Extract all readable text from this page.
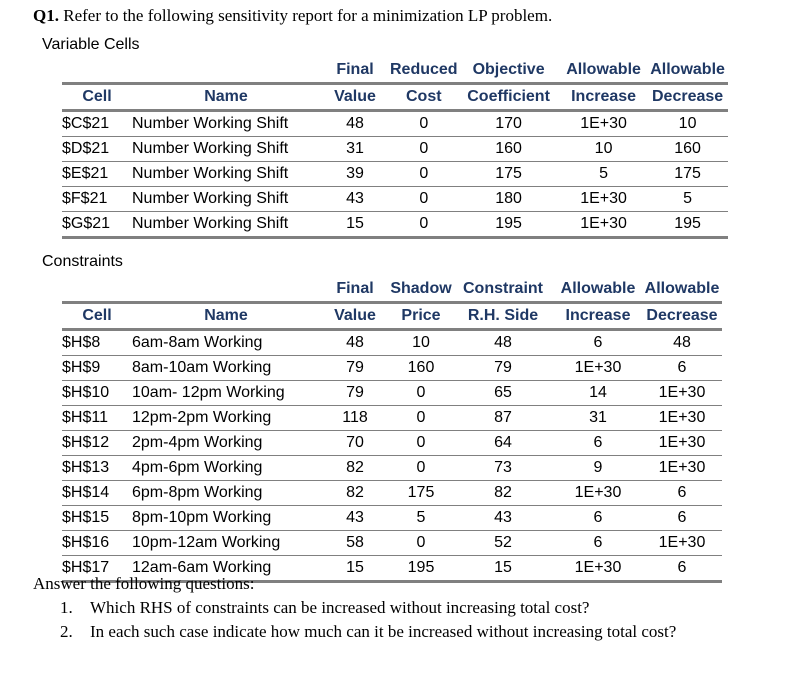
Q1. Refer to the following sensitivity report for a minimization LP problem.
Variable Cells
		Final	Reduced	Objective	Allowable	Allowable
Cell	Name	Value	Cost	Coefficient	Increase	Decrease
$C$21	Number Working Shift	48	0	170	1E+30	10
$D$21	Number Working Shift	31	0	160	10	160
$E$21	Number Working Shift	39	0	175	5	175
$F$21	Number Working Shift	43	0	180	1E+30	5
$G$21	Number Working Shift	15	0	195	1E+30	195
Constraints
		Final	Shadow	Constraint	Allowable	Allowable
Cell	Name	Value	Price	R.H. Side	Increase	Decrease
$H$8	6am-8am Working	48	10	48	6	48
$H$9	8am-10am Working	79	160	79	1E+30	6
$H$10	10am- 12pm Working	79	0	65	14	1E+30
$H$11	12pm-2pm Working	118	0	87	31	1E+30
$H$12	2pm-4pm Working	70	0	64	6	1E+30
$H$13	4pm-6pm Working	82	0	73	9	1E+30
$H$14	6pm-8pm Working	82	175	82	1E+30	6
$H$15	8pm-10pm Working	43	5	43	6	6
$H$16	10pm-12am Working	58	0	52	6	1E+30
$H$17	12am-6am Working	15	195	15	1E+30	6
Answer the following questions:
1. Which RHS of constraints can be increased without increasing total cost?
2. In each such case indicate how much can it be increased without increasing total cost?
